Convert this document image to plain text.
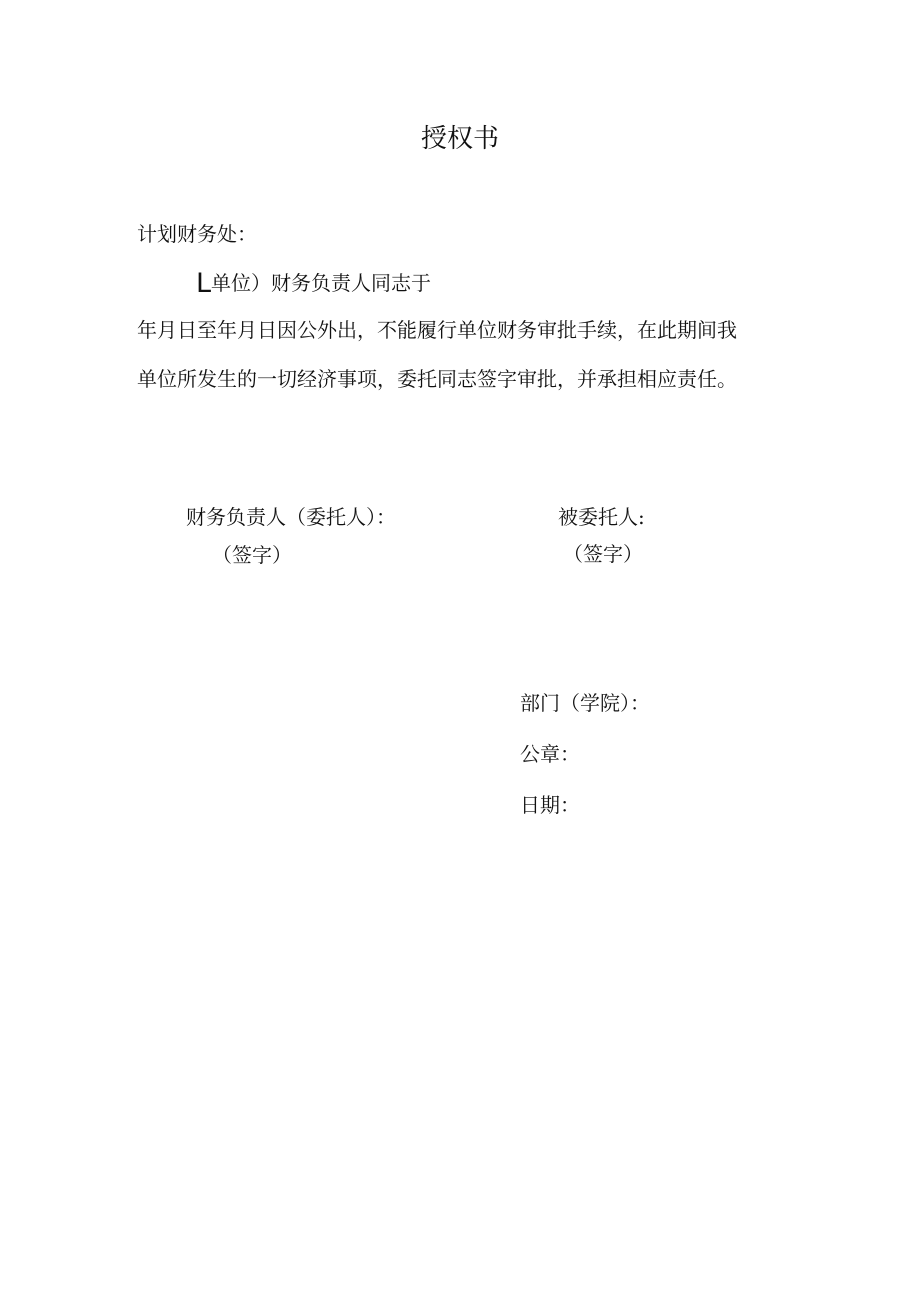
授权书
计划财务处：
L单位）财务负责人同志于
年月日至年月日因公外出，不能履行单位财务审批手续，在此期间我
单位所发生的一切经济事项，委托同志签字审批，并承担相应责任。
财务负责人（委托人）：
（签字）
被委托人:
（签字）
部门（学院）：
公章：
日期：
